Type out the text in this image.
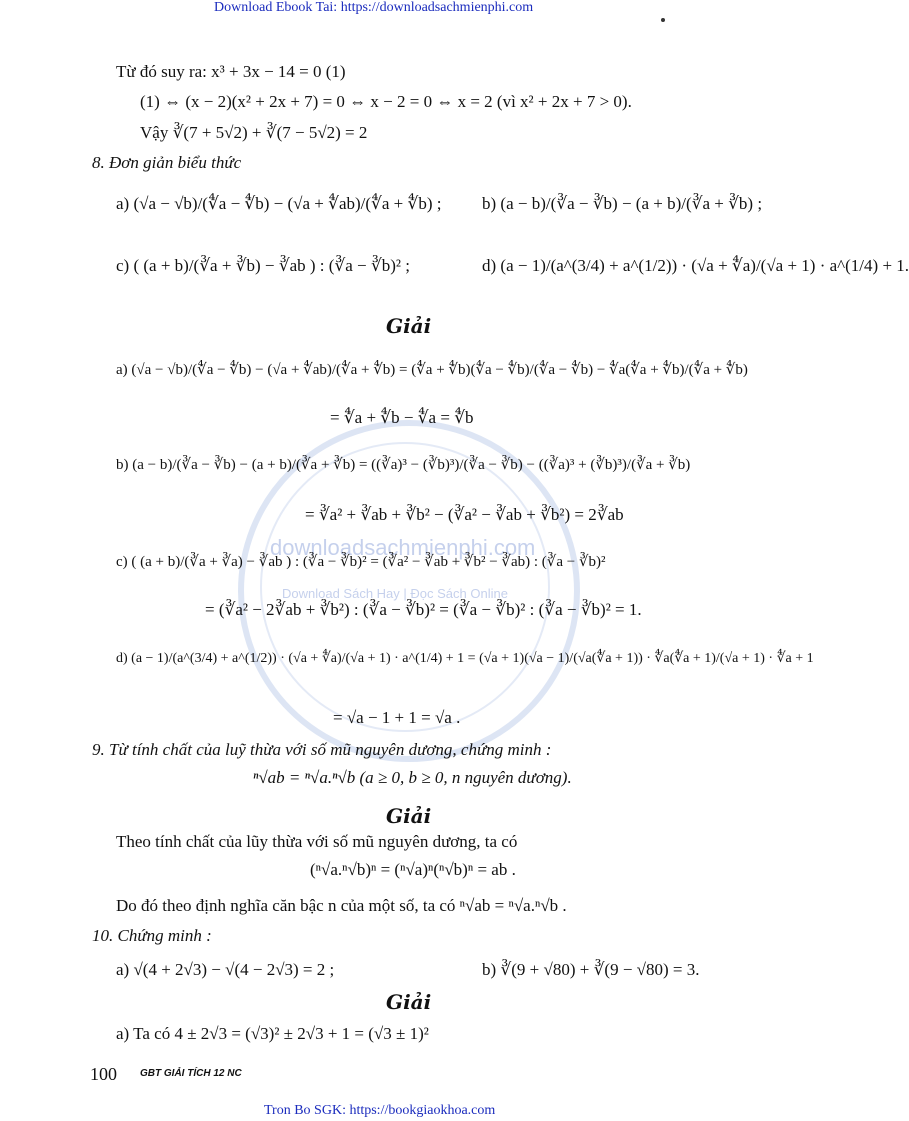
downloadsachmienphi.com
Download Sách Hay | Đọc Sách Online
Download Ebook Tai: https://downloadsachmienphi.com
Từ đó suy ra: x³ + 3x − 14 = 0 (1)
(1) ⇔ (x − 2)(x² + 2x + 7) = 0 ⇔ x − 2 = 0 ⇔ x = 2 (vì x² + 2x + 7 > 0).
Vậy ∛(7 + 5√2) + ∛(7 − 5√2) = 2
8. Đơn giản biểu thức
a) (√a − √b)/(∜a − ∜b) − (√a + ∜ab)/(∜a + ∜b) ; b) (a − b)/(∛a − ∛b) − (a + b)/(∛a + ∛b) ;
c) ( (a + b)/(∛a + ∛b) − ∛ab ) : (∛a − ∛b)² ;	d) (a − 1)/(a^(3/4) + a^(1/2)) · (√a + ∜a)/(√a + 1) · a^(1/4) + 1.
Giải
a) (√a − √b)/(∜a − ∜b) − (√a + ∜ab)/(∜a + ∜b) = (∜a + ∜b)(∜a − ∜b)/(∜a − ∜b) − ∜a(∜a + ∜b)/(∜a + ∜b)
= ∜a + ∜b − ∜a = ∜b
b) (a − b)/(∛a − ∛b) − (a + b)/(∛a + ∛b) = ((∛a)³ − (∛b)³)/(∛a − ∛b) − ((∛a)³ + (∛b)³)/(∛a + ∛b)
= ∛a² + ∛ab + ∛b² − (∛a² − ∛ab + ∛b²) = 2∛ab
c) ( (a + b)/(∛a + ∛a) − ∛ab ) : (∛a − ∛b)² = (∛a² − ∛ab + ∛b² − ∛ab) : (∛a − ∛b)²
= (∛a² − 2∛ab + ∛b²) : (∛a − ∛b)² = (∛a − ∛b)² : (∛a − ∛b)² = 1.
d) (a − 1)/(a^(3/4) + a^(1/2)) · (√a + ∜a)/(√a + 1) · a^(1/4) + 1 = (√a + 1)(√a − 1)/(√a(∜a + 1)) · ∜a(∜a + 1)/(√a + 1) · ∜a + 1
= √a − 1 + 1 = √a .
9. Từ tính chất của luỹ thừa với số mũ nguyên dương, chứng minh :
ⁿ√ab = ⁿ√a.ⁿ√b (a ≥ 0, b ≥ 0, n nguyên dương).
Giải
Theo tính chất của lũy thừa với số mũ nguyên dương, ta có
(ⁿ√a.ⁿ√b)ⁿ = (ⁿ√a)ⁿ(ⁿ√b)ⁿ = ab .
Do đó theo định nghĩa căn bậc n của một số, ta có ⁿ√ab = ⁿ√a.ⁿ√b .
10. Chứng minh :
a) √(4 + 2√3) − √(4 − 2√3) = 2 ;	b) ∛(9 + √80) + ∛(9 − √80) = 3.
Giải
a) Ta có 4 ± 2√3 = (√3)² ± 2√3 + 1 = (√3 ± 1)²
100 GBT GIẢI TÍCH 12 NC
Tron Bo SGK: https://bookgiaokhoa.com
